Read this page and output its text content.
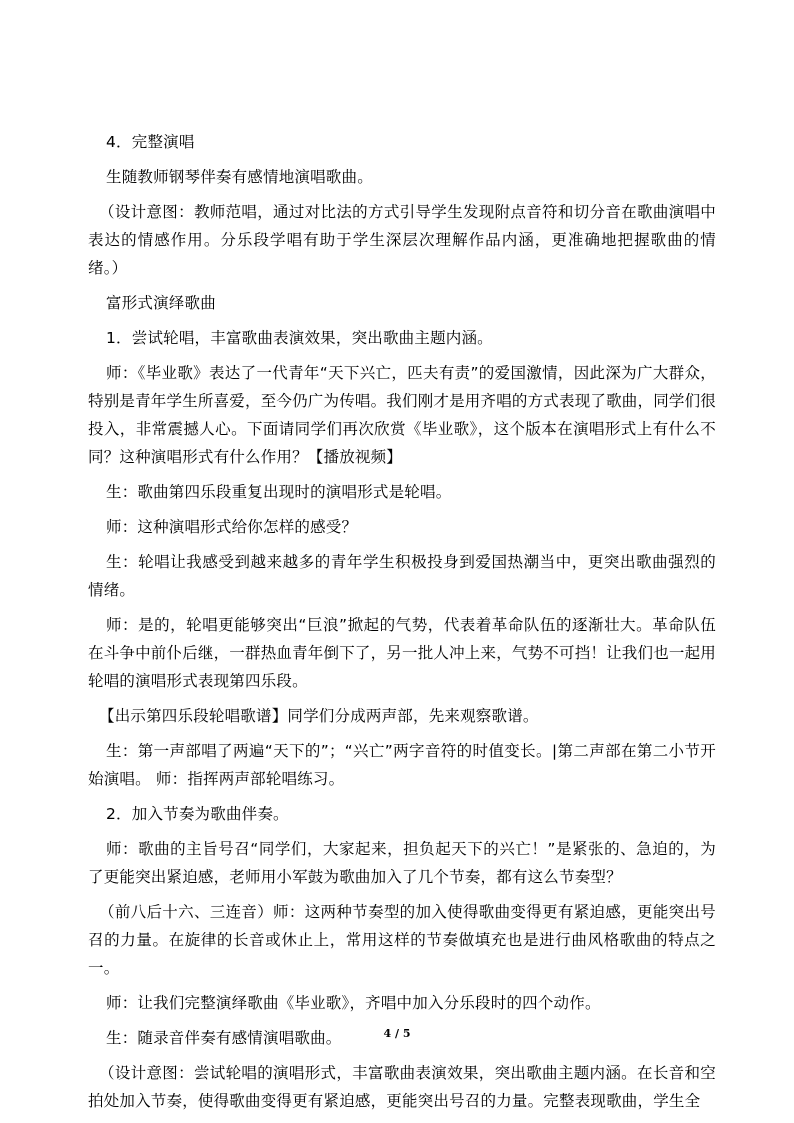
4．完整演唱

生随教师钢琴伴奏有感情地演唱歌曲。

（设计意图：教师范唱，通过对比法的方式引导学生发现附点音符和切分音在歌曲演唱中表达的情感作用。分乐段学唱有助于学生深层次理解作品内涵，更准确地把握歌曲的情绪。）

富形式演绎歌曲

1．尝试轮唱，丰富歌曲表演效果，突出歌曲主题内涵。

师：《毕业歌》表达了一代青年“天下兴亡，匹夫有责”的爱国激情，因此深为广大群众，特别是青年学生所喜爱，至今仍广为传唱。我们刚才是用齐唱的方式表现了歌曲，同学们很投入，非常震撼人心。下面请同学们再次欣赏《毕业歌》，这个版本在演唱形式上有什么不同？这种演唱形式有什么作用？【播放视频】

生：歌曲第四乐段重复出现时的演唱形式是轮唱。

师：这种演唱形式给你怎样的感受？

生：轮唱让我感受到越来越多的青年学生积极投身到爱国热潮当中，更突出歌曲强烈的情绪。

师：是的，轮唱更能够突出“巨浪”掀起的气势，代表着革命队伍的逐渐壮大。革命队伍在斗争中前仆后继，一群热血青年倒下了，另一批人冲上来，气势不可挡！让我们也一起用轮唱的演唱形式表现第四乐段。

【出示第四乐段轮唱歌谱】同学们分成两声部，先来观察歌谱。

生：第一声部唱了两遍“天下的”；“兴亡”两字音符的时值变长。|第二声部在第二小节开始演唱。 师：指挥两声部轮唱练习。

2．加入节奏为歌曲伴奏。

师：歌曲的主旨号召“同学们，大家起来，担负起天下的兴亡！”是紧张的、急迫的，为了更能突出紧迫感，老师用小军鼓为歌曲加入了几个节奏，都有这么节奏型？

（前八后十六、三连音）师：这两种节奏型的加入使得歌曲变得更有紧迫感，更能突出号召的力量。在旋律的长音或休止上，常用这样的节奏做填充也是进行曲风格歌曲的特点之一。

师：让我们完整演绎歌曲《毕业歌》，齐唱中加入分乐段时的四个动作。

生：随录音伴奏有感情演唱歌曲。

（设计意图：尝试轮唱的演唱形式，丰富歌曲表演效果，突出歌曲主题内涵。在长音和空拍处加入节奏，使得歌曲变得更有紧迫感，更能突出号召的力量。完整表现歌曲，学生全

4 / 5
